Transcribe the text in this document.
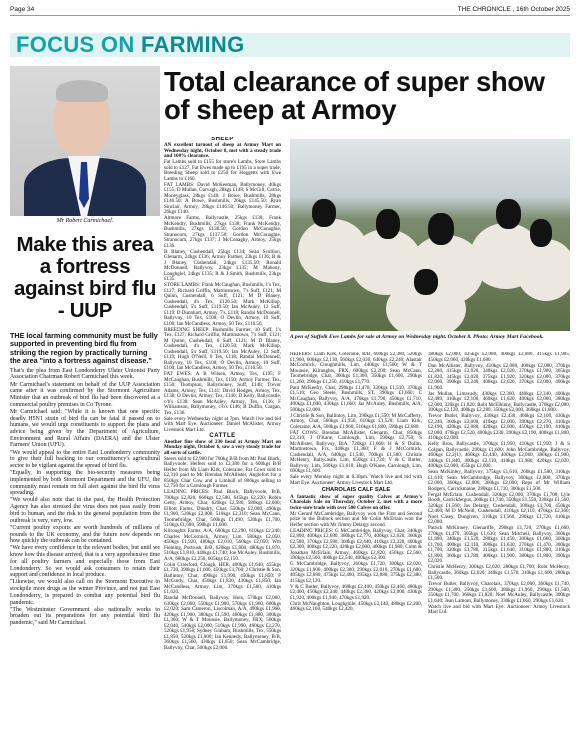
Page 34	THE CHRONICLE , 16th October 2025
FOCUS ON FARMING
Mr Robert Carmichael.
Make this area a fortress against bird flu - UUP
THE local farming community must be fully supported in preventing bird flu from striking the region by practically turning the area "into a fortress against disease."

That's the plea from East Londonderry Ulster Unionist Party Association Chairman Robert Carmichael this week.

Mr Carmichael's statement on behalf of the UUP Association came after it was confirmed by the Stormont Agriculture Minister that an outbreak of bird flu had been discovered at a commercial poultry premises in Co Tyrone.

Mr Carmichael said: "While it is known that one specific deadly H5N1 strain of bird flu can be fatal if passed on to humans, we would urge constituents to support the plans and advice being given by the Department of Agriculture, Environment and Rural Affairs (DAERA) and the Ulster Farmers' Union (UFU).

"We would appeal to the entire East Londonderry community to give their full backing to our constituency's agricultural sector to be vigilant against the spread of bird flu.

"Equally, in supporting the bio-security measures being implemented by both Stormont Department and the UFU, the community must remain on full alert against the bird flu virus spreading.

"We would also note that in the past, the Health Protection Agency has also stressed the virus does not pass easily from bird to human, and the risk to the general population from the outbreak is very, very, low.

"Current poultry exports are worth hundreds of millions of pounds to the UK economy, and the future now depends on how quickly the outbreak can be contained.

"We have every confidence in the relevant bodies, but until we know how this disease arrived, that is a very apprehensive time for all poultry farmers and especially those from East Londonderry. So we would ask consumers to retain their support and confidence in local produce.

"Likewise, we would also call on the Stormont Executive to stockpile more drugs as the winter Province, and not just East Londonderry, is prepared to combat any potential bird flu pandemic.

"The Westminster Government also nationally works to broaden out its preparations for any potential bird flu pandemic," said Mr Carmichael.

Total clearance of super show of sheep at Armoy

SHEEP

AN excellent turnout of sheep at Armoy Mart on Wednesday night, October 8, met with a steady trade and 100% clearance.

Fat Lambs sold to £155 for store's Lambs, Store Lambs sold to £127, Fat Ewes made up to £195 in a super trade, Breeding Sheep sold to £250 for Hoggetts with Ewe Lambs to £160.

FAT LAMBS: David McKeeman, Ballymoney, 40kgs £155; D Mullan, Garvagh, 28kgs £148; S McGill, Carrie, Moneyglass, 28kgs £140; J Bowe, Bushmills, 28kgs £146.50; A Bowe, Bushmills, 26kgs £145.50; Ryan Sinclair, Armoy, 28kgs £146.50; Ballymoney Farmer, 26kgs £140.

Altmore Farms, Ballycastle, 25kgs £138; Frank McKendry, Bushmills, 27kgs £138; Frank McKendry, Bushmills, 27kgs £138.50; Gordon McConaghie, Stranocum, 27kgs £137.50; Gordon McConaghie, Stranocum, 27kgs £137; J McConaghy, Armoy, 25kgs £136.

B Blaney, Cushendall, 25kgs £134; Sean Scullion, Glenarm, 24kgs £136; Armoy Farmer, 23kgs £136; B & J Blaney, Cushendall, 24kgs £135.50; Ronald McDonnell, Ballyvoy, 23kgs £135; M Mahony, Loughgiel, 24kgs £135; R & J Smith, Bushmills, 23kgs £135.

STORE LAMBS: Frank McCaughan, Bushmills, 1's Tex, £127; Richard Griffin, Martinstown, 7's Suff, £121; M Quinn, Cushendall, 6 Suff, £121; M D Blaney, Cushendall, 4's Tex, £120.50; Mark McKillop, Cushendall, 5's Suff, £119.50; Ian McAuley, 12 Suff, £119; D Dunnhart, Armoy, 7's, £118; Randal McDonnell, Ballyvoy, 10 Tex, £108; O Devlin, Armoy, 10 Suff, £100; Ian McCandless, Armoy, 50 Tex, £116.50.

BREEDING SHEEP: Bushmills Farmer, 10 Suff, 1's Tex, £127; Richard Griffin, Martinstown, 7's Suff, £121; M Quinn, Cushendall, 6 Suff, £121; M D Blaney, Cushendall, 4's Tex, £120.50; Mark McKillop, Cushendall, 5's Suff, £119.50; Ian McAuley, 12 Suff, £119; Hugh O'Neill, 9 Tex, £118; Randal McDonnell, Ballyvoy, 10 Tex, £108; O Devlin, Armoy, 10 Suff, £100; Ian McCandless, Armoy, 50 Tex, £116.50.

FAT EWES: A B Wilson, Armoy, Tex, £195; F McCaughan, Bushmills, Tex, £150; Armoy Farmer, Tex, £150; Thompson, Ballymoney, Suff, £148; Trevor Adams, Armoy, Tex, £141; David Hodges, Armoy, Tex, £138; O Devlin, Armoy, Tex, £140; D Kelly, Ballycastle, c/b's £138; Sean McAuley, Armoy, Tex, £136; F Williamson, Ballymoney, c/b's £146; B Duffin, Cargan, Tex, £136.

Sale every Wednesday night at 7pm. Watch live and bid with Mart Eye. Auctioneer: Daniel McAlister, Armoy Livestock Mart Ltd.

CATTLE

Another fine show of 230 head at Armoy Mart on Monday night, October 6, saw a very steady trade for all sorts of cattle.

Steers sold to £2,900 for 700kg B/B from Mr Paul Black, Ballyvoole. Heifers sold to £2,380 for a 600kgs B/B Heifer from Mr Liam Kirk, Coleraine, Fat Cows sold to £2,310 paid to Mr Brendan McAllister, Anglefort for a 850kgs Char Cow and a Limbull of 806kgs selling to £2,750 for a Carnlough Farmer.

LEADING PRICES: Paul Black, Ballyvoole, B/B, 700kgs £2,820, 660kgs £2,580, 645kgs £2,220; Robin Getty, Armoy, Char, 620kgs £2,580, 580kgs £2,000; Elliott Farms, Dundry, Char, 550kgs £2,000, 490kgs £1,900, 520kgs £2,000, 510kgs £2,310; Sean McCann, Toomebridge, Char, 500kgs £1,490, 520kgs £1,700, 510kgs £1,680, 590kgs £1,600.

Kilroughts Farms, A/A, 600kgs £2,290, 610kgs £2,240; Charles McCormick, Armoy, Lim, 580kgs £2,050, 450kgs £1,920, 480kgs £2,010, 560kgs £2,050; Wm Fleming, Portrush, B/B, 620kgs £1,800, 480kgs £1,870, 510kgs £1,810, 440kgs £1,740; Joe McAuley, Bushmills, A/A, 680kgs £2,250, 605kgs £2,150.

Colin Crawford, Clough, HER, 400kgs £1,640, 455kgs £1,730, 390kgs £1,600, 450kgs £1,760; J Christie & Son, Ballintoy, Char, 490kgs £1,990, 450kgs £1,850; P McCurdy, Char, 450kgs £1,830, 430kgs £1,850; Ian McCandless, Armoy, Lim, 370kgs £1,560, 410kgs £1,620.

Randal McDonnell, Ballyvoy, Hols, 570kgs £2,060, 630kgs £2,060, 550kgs £1,900, 570kgs £1,960, 600kgs £2,020; Sam Cameron, Liscolman, A/A, 490kgs £1,960, 420kgs £1,900, 380kgs £1,590, 460kgs £1,880, 300kgs £1,360; W & T Mounsie, Ballymoney, FRX, 500kgs £2,040, 540kgs £2,000, 510kgs £1,990, 490kgs £2,270, 520kgs £1,950; Sydney Graham, Bushmills, Tex, 550kgs £1,850, 520kgs £1,800; Ian Kennedy, Ballymoney, B/B, 360kgs £1,560, 430kgs £1,650; Sean McCambridge, Ballyvoy, Char, 500kgs £2,000.

A pen of Suffolk Ewe Lambs for sale at Armoy on Wednesday night. October 8. Photo: Armoy Mart Facebook.

HEIFERS: Liam Kirk, Coleraine, B/B, 600kgs £2,380, 520kgs £1,960, 600kgs £2,130, 560kgs £2,030, 640kgs £2,240; Alastair McCormick, Cloughmills, Lim, 440kgs £1,500; W & T Mounsie, Kilraughts, FRX, 600kgs £2,200; Sean McCann, Toomebridge, Char, 300kgs £1,360, 350kgs £1,600, 290kgs £1,260, 290kgs £1,250, 410kgs £1,770.

Paul McKeefry, Char, 290kgs £1,470, 330kgs £1,510, 370kgs £1,510; Geo Steele, Bushmills, ST, 390kgs £1,660; C McCaughan, Ballyvoy, A/A, 470kgs £1,790, 450kgs £1,710, 400kgs £1,600, 430kgs £1,660; Jas McAuley, Bushmills, A/A, 500kgs £2,000.

J Christie & Son, Ballintoy, Lim, 390kgs £1,550; M McCafferty, Armoy, Char, 560kgs £1,950, 610kgs £1,520; Liam Kirk, Coleraine, A/A, 500kgs £1,960, 510kgs £1,800, 590kgs £2,080.

FAT COWS: Brendan McAllister, Glenarm, Char, 850kgs £2,310; J O'Kane, Carnlough, Lim, 590kgs £2,750; S McAllister, Ballyvoy, BlA, 720kgs £1,660; H & S Dullin, Martinstown, Frx, 440kgs £1,360; F & J McCormick, Cushendall, A/A, 640kgs £1,540, 700kgs £1,580; Christie McHenry, Ballycastle, Lim, 650kgs £1,720; V & C Butler, Ballyvoy, Lim, 560kgs £1,610; Hugh O'Kane, Carnlough, Lim, 690kgs £1,600.

Sale every Monday night at 6.30pm. Watch live and bid with Mart Eye. Auctioneer: Armoy Livestock Mart Ltd.

CHAROLAIS CALF SALE

A fantastic show of super quality Calves at Armoy's Charolais Sale on Thursday, October 2, met with a more twice-sure trade with over 500 Calves on offer.

Mr Gerard McCambridge, Ballyvoy won the First and Second prize in the Bullock section and Mr Colin McErlain won the Heifer section with Mr Jimmy Delargy second.

LEADING PRICES: G McCambridge, Ballyvoy, Char, 340kgs £2,800, 400kgs £2,680, 380kgs £2,770, 400kgs £2,620, 360kgs £2,580, 370kgs £2,580, 360kgs £2,440, 410kgs £2,320, 400kgs £2,300, 400kgs £2,220, 420kgs £2,000, 400kgs £1,980; Colm & Jonathan McErlain, Armoy, 460kgs £2,820, 450kgs £2,560, 390kgs £2,560, 400kgs £2,540, 400kgs £2,300.

G McCambridge, Ballyvoy, 260kgs £1,720, 300kgs £2,020, 320kgs £1,900, 400kgs £2,300, 290kgs £2,010, 270kgs £1,680, 405kgs £2,080, 475kgs £2,460, 395kgs £2,080, 375kgs £2,380, 415kgs £2,120.

V & C Butler, Ballyvoy, 460kgs £2,400, 450kgs £2,460, 480kgs £2,400, 450kgs £2,340, 440kgs £2,360, 420kgs £2,000, 430kgs £1,920, 400kgs £1,940, 470kgs £1,920.

Chris McNaughton, Loughguile, 450kgs £2,140, 480kgs £2,200, 460kgs £2,160, 540kgs £2,420,

380kgs £2,000, 425kgs £2,080, 400kgs £2,080, 415kgs £1,985, 450kgs £2,060, 420kgs £1,680.

Dan McAllister, Ballyvoy, 410kgs £2,080, 400kgs £2,080, 370kgs £2,280, 415kgs £2,020, 340kgs £2,020, 370kgs £1,900, 365kgs £1,820, 345kgs £2,020, 375kgs £1,920, 320kgs £2,000, 370kgs £2,000, 390kgs £2,240, 400kgs £2,020, 370kgs £2,000, 400kgs £1,960.

Jas Mullan, Limavady, 430kgs £2,360, 440kgs £2,340, 400kgs £2,480, 410kgs £2,100, 460kgs £1,820, 400kgs £2,000, 380kgs £2,000, 320kgs £1,820; Robt McElhinny, Ballycastle, 370kgs £2,080, 300kgs £2,120, 400kgs £2,280, 350kgs £2,000, 360kgs £1,800.

Trevor Butler, Ballyvoy, 430kgs £2,430, 460kgs £2,100, 430kgs £2,240, 360kgs £2,000, 410kgs £2,000, 390kgs £2,270, 410kgs £2,190, 420kgs £2,080, 420kgs £2,000, 450kgs £2,100, 410kgs £2,000, 470kgs £2,520, 400kgs £230, 390kgs £2,190, 400kgs £1,800, 410kgs £2,000.

Kelly Bros, Ballycastle, 370kgs £1,950, 410kgs £1,950; J & S Colgan, Ballycastle, 290kgs £1,600; John McCambridge, Ballyvoy, 460kgs £2,2(1), 460kgs £2,440, 400kgs £2,060, 380kgs £1,900, 340kgs £1,840, 400kgs £2,110, 410kgs £1,980, 420kgs £2,020, 400kgs £2,000, 455kgs £2,000.

Sean McKinley, Ballyvoy, 375kgs £1,610, 260kgs £1,580, 310kgs £1,610; Sean McCambridge, Ballyvoy, 300kgs £2,000, 370kgs £2,000, 360kgs £2,000, 360kgs £2,000; Reps of Mr William Rodgers, Carrickmaine, 280kgs £1,710, 300kgs £1,500.

Fergal McErlain, Cushendall, 320kgs £2,000, 370kgs £1,700; Lyle Booth, Carrickfergus, 360kgs £1,740, 350kgs £1,550, 330kgs £1,560, 320kgs £1,560; Jas Delargy, Cushendall, 300kgs £1,700, 450kgs £2,400; M D McNeill, Cushendall, 410kgs £2,110, 470kgs £2,360; Noel Casey, Dungiven, 310kgs £1,560, 290kgs £1,720, 410kgs £2,080.

Patrick McKinney, Glenariffe, 290kgs £1,720, 270kgs £1,660, 270kgs £1,470, 305kgs £1,630; Sean Mitchell, Ballyvoy, 360kgs £1,880, 340kgs £1,520, 280kgs £1,450, 300kgs £1,660, 360kgs £1,760, 400kgs £2,110, 300kgs £1,630, 270kgs £1,470, 300kgs £1,700, 320kgs £1,780, 315kgs £1,640, 310kgs £1,880, 310kgs £1,800, 360kgs £1,780, 400kgs £1,900, 380kgs £1,800, 390kgs £2,020.

Christie McHenry, 300kgs £2,020, 280kgs £1,700; Robt McHenry, Ballycastle, 360kgs £2,020, 340kgs £1,570, 310kgs £1,600, 280kgs £1,500.

Trevor Butler, Ballyvoy, Charolais, 370kgs £2,000, 360kgs £1,740, 290kgs £1,300, 250kgs £1,600, 380kgs £1,960, 290kgs £1,500, 350kgs £1,700, 360kgs £1,820; Noel McAuley, Ballycastle, 300kgs £1,640; Jean Lamont, Ballymoney, 330kgs £1,660, 290kgs £1,620.

Watch live and bid with Mart Eye. Auctioneer: Armoy Livestock Mart Ltd.
